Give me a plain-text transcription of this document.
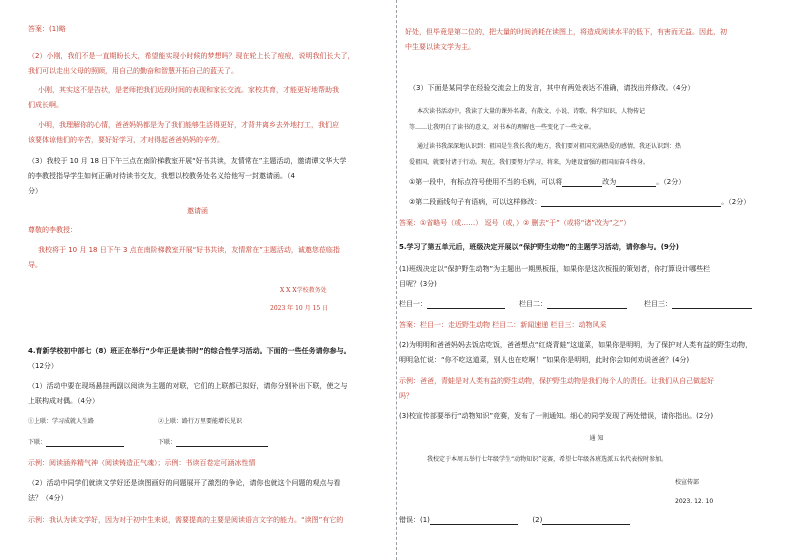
答案：(1)略
（2）小刚，我们不是一直期盼长大，希望能实现小时候的梦想吗？现在轮上长了痘痘，说明我们长大了，
我们可以走出父母的照顾，用自己的勤奋和智慧开拓自己的蓝天了。
小刚，其实这不是告状，是老师把我们近段时间的表现和家长交流。家校共育，才能更好地帮助我
们成长啊。
小明，我理解你的心情，爸爸妈妈都是为了我们能够生活得更好，才背井离乡去外地打工，我们应
该要体谅他们的辛苦，要好好学习，才对得起爸爸妈妈的辛劳。
（3）我校于 10 月 18 日下午三点在南阶梯教室开展“好书共读，友情常在”主题活动，邀请谭文华大学
的李教授指导学生如何正确对待读书交友，我想以校教务处名义给他写一封邀请函。（4
分）
邀请函
尊敬的李教授：
我校将于 10 月 18 日下午 3 点在南阶梯教室开展“好书共读，友情常在”主题活动，诚邀您莅临指
导。
X X X学校教务处
2023 年 10 月 15 日
4.育新学校初中部七（8）班正在举行“少年正是读书时”的综合性学习活动。下面的一些任务请你参与。
（12分）
（1）活动中要在现场悬挂两副以阅读为主题的对联，它们的上联都已拟好，请你分别补出下联，使之与
上联构成对偶。（4分）
①上联：学习成就人生路	②上联：路行万里要能增长见识
下联：	下联：
示例：阅读涵养精气神（阅读铸造正气魂）；示例：书读百卷定可涵冰性情
（2）活动中同学们就读文学好还是读图画好的问题展开了激烈的争论，请你也就这个问题的观点与看
法？（4分）
示例：我认为读文学好，因为对于初中生来说，需要提高的主要是阅读语言文字的能力。“读图”有它的
好处，但毕竟是第二位的，把大量的时间消耗在读图上，将造成阅读水平的低下，有害而无益。因此，初
中生要以读文学为主。
（3）下面是某同学在经验交流会上的发言，其中有两处表达不准确，请找出并修改。（4分）
本次读书活动中，我读了大量的课外名著，有散文、小说、诗歌、科学知识，人物传记
等……让我明白了读书的意义，对书本的理解也一些变化了一些文章。
通过读书我深深地认识到：祖国是生我长我的地方，我们要对祖国充满热爱的感情，我还认识到：热
爱祖国，就要付诸于行动。现在，我们要努力学习，将来，为建设富强的祖国而奋斗终身。
①第一段中，有标点符号使用不当的毛病，可以将	改为	。（2分）
②第二段画线句子有语病，可以这样修改：	。（2分）
答案：①省略号（或……） 逗号（或，）② 删去“于”（或将“诸”改为“之”）
5.学习了第五单元后，班级决定开展以“保护野生动物”的主题学习活动，请你参与。(9分)
(1)班级决定以“保护野生动物”为主题出一期黑板报，如果你是这次板报的策划者，你打算设计哪些栏
目呢？(3分)
栏目一：	栏目二：	栏目三：
答案：栏目一：走近野生动物 栏目二：新闻速递 栏目三：动物风采
(2)为明明和爸爸妈妈去饭店吃饭，爸爸想点“红烧青蛙”这道菜，如果你是明明，为了保护对人类有益的野生动物，
明明急忙说：“你不吃这道菜，别人也在吃啊！”如果你是明明，此时你会如何劝说爸爸？(4分)
示例：爸爸，青蛙是对人类有益的野生动物，保护野生动物是我们每个人的责任。让我们从自己做起好
吗？
(3)校宣传部要举行“动物知识”竞赛，发布了一则通知。细心的同学发现了两处错误，请你指出。(2分)
通 知
我校定于本周五举行七年级学生“动物知识”竞赛，希望七年级各班选派五名代表按时参加。
校宣传部
2023. 12. 10
错误：(1)	(2)
